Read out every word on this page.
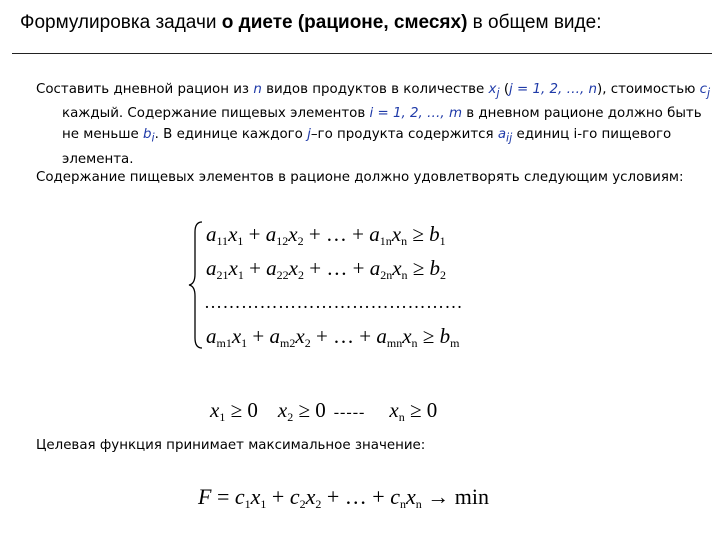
Формулировка задачи о диете (рационе, смесях) в общем виде:
Составить дневной рацион из n видов продуктов в количестве $x_j$ (j = 1, 2, …, n), стоимостью $c_j$ каждый. Содержание пищевых элементов i = 1, 2, …, m в дневном рационе должно быть не меньше $b_i$. В единице каждого j–го продукта содержится $a_{ij}$ единиц i-го пищевого элемента.
Содержание пищевых элементов в рационе должно удовлетворять следующим условиям:
$a_{11}x_1 + a_{12}x_2$ + … + $a_{1n}x_n \ge b_1$
$a_{21}x_1 + a_{22}x_2$ + … + $a_{2n}x_n \ge b_2$
……………………………………
$a_{m1}x_1 + a_{m2}x_2$ + … + $a_{mn}x_n \ge b_m$
$x_1 \ge 0$ $x_2 \ge 0$ ----- $x_n \ge 0$
Целевая функция принимает максимальное значение:
$F = c_1x_1 + c_2x_2$ + … + $c_nx_n \to \min$
